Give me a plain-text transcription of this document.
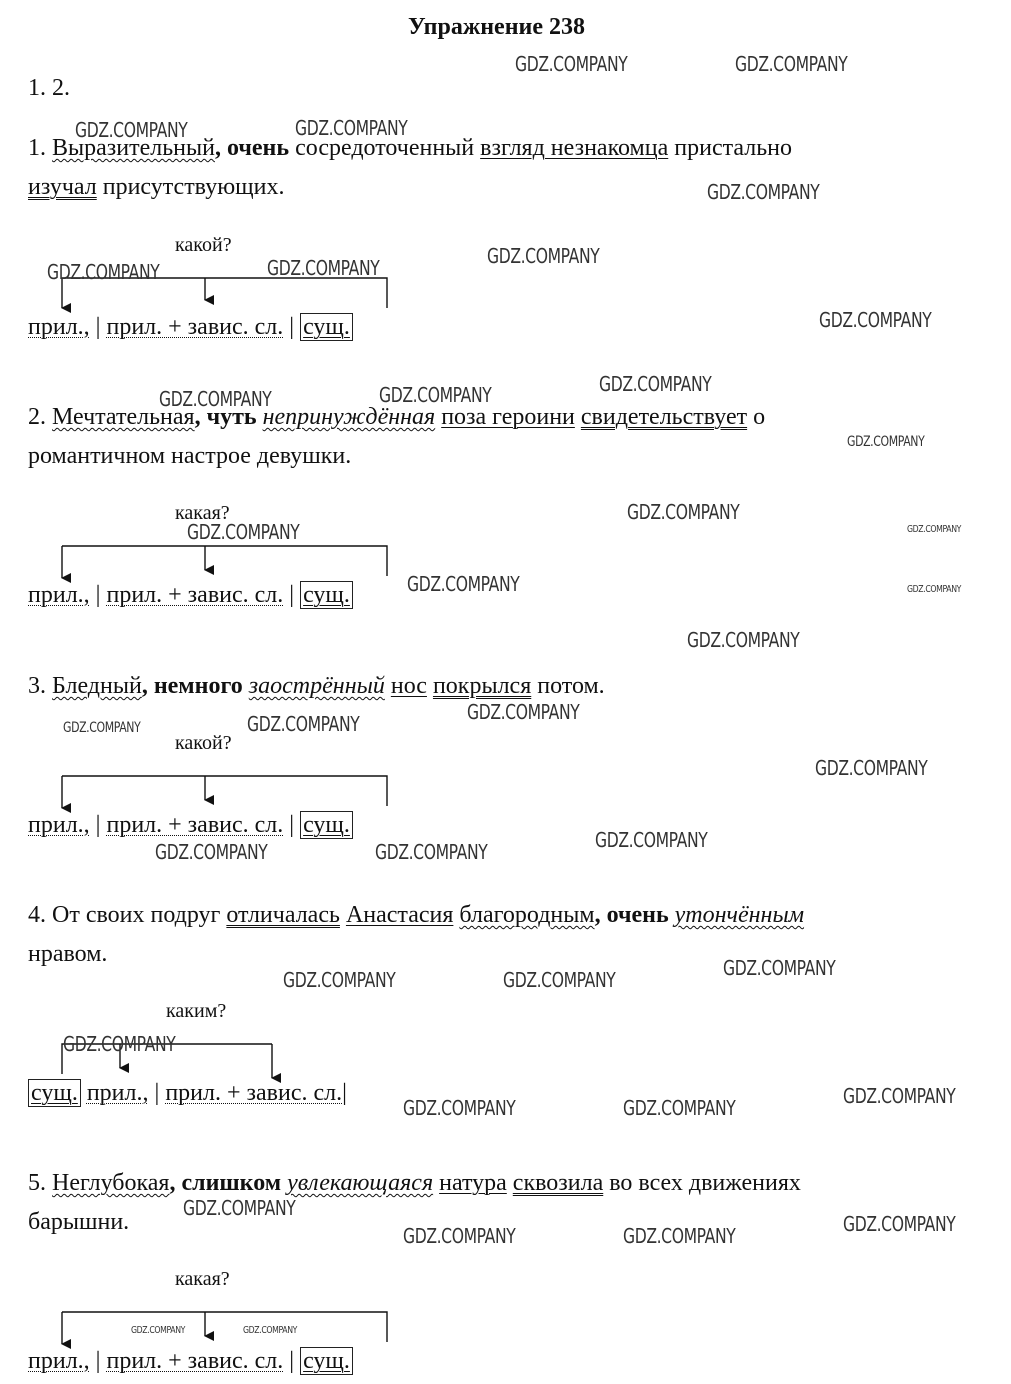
Упражнение 238
1. 2.
1. Выразительный, очень сосредоточенный взгляд незнакомца пристально
изучал присутствующих.
какой?
прил., | прил. + завис. сл. | сущ.
2. Мечтательная, чуть непринуждённая поза героини свидетельствует о
романтичном настрое девушки.
какая?
прил., | прил. + завис. сл. | сущ.
3. Бледный, немного заострённый нос покрылся потом.
какой?
прил., | прил. + завис. сл. | сущ.
4. От своих подруг отличалась Анастасия благородным, очень утончённым
нравом.
каким?
сущ. прил., | прил. + завис. сл.|
5. Неглубокая, слишком увлекающаяся натура сквозила во всех движениях
барышни.
какая?
прил., | прил. + завис. сл. | сущ.
GDZ.COMPANY	GDZ.COMPANY
GDZ.COMPANY	GDZ.COMPANY
GDZ.COMPANY
GDZ.COMPANY
GDZ.COMPANY	GDZ.COMPANY
GDZ.COMPANY
GDZ.COMPANY
GDZ.COMPANY	GDZ.COMPANY
GDZ.COMPANY
GDZ.COMPANY
GDZ.COMPANY	GDZ.COMPANY
GDZ.COMPANY	GDZ.COMPANY
GDZ.COMPANY
GDZ.COMPANY
GDZ.COMPANY
GDZ.COMPANY
GDZ.COMPANY
GDZ.COMPANY
GDZ.COMPANY	GDZ.COMPANY
GDZ.COMPANY
GDZ.COMPANY	GDZ.COMPANY
GDZ.COMPANY
GDZ.COMPANY
GDZ.COMPANY	GDZ.COMPANY
GDZ.COMPANY
GDZ.COMPANY
GDZ.COMPANY	GDZ.COMPANY
GDZ.COMPANY	GDZ.COMPANY
